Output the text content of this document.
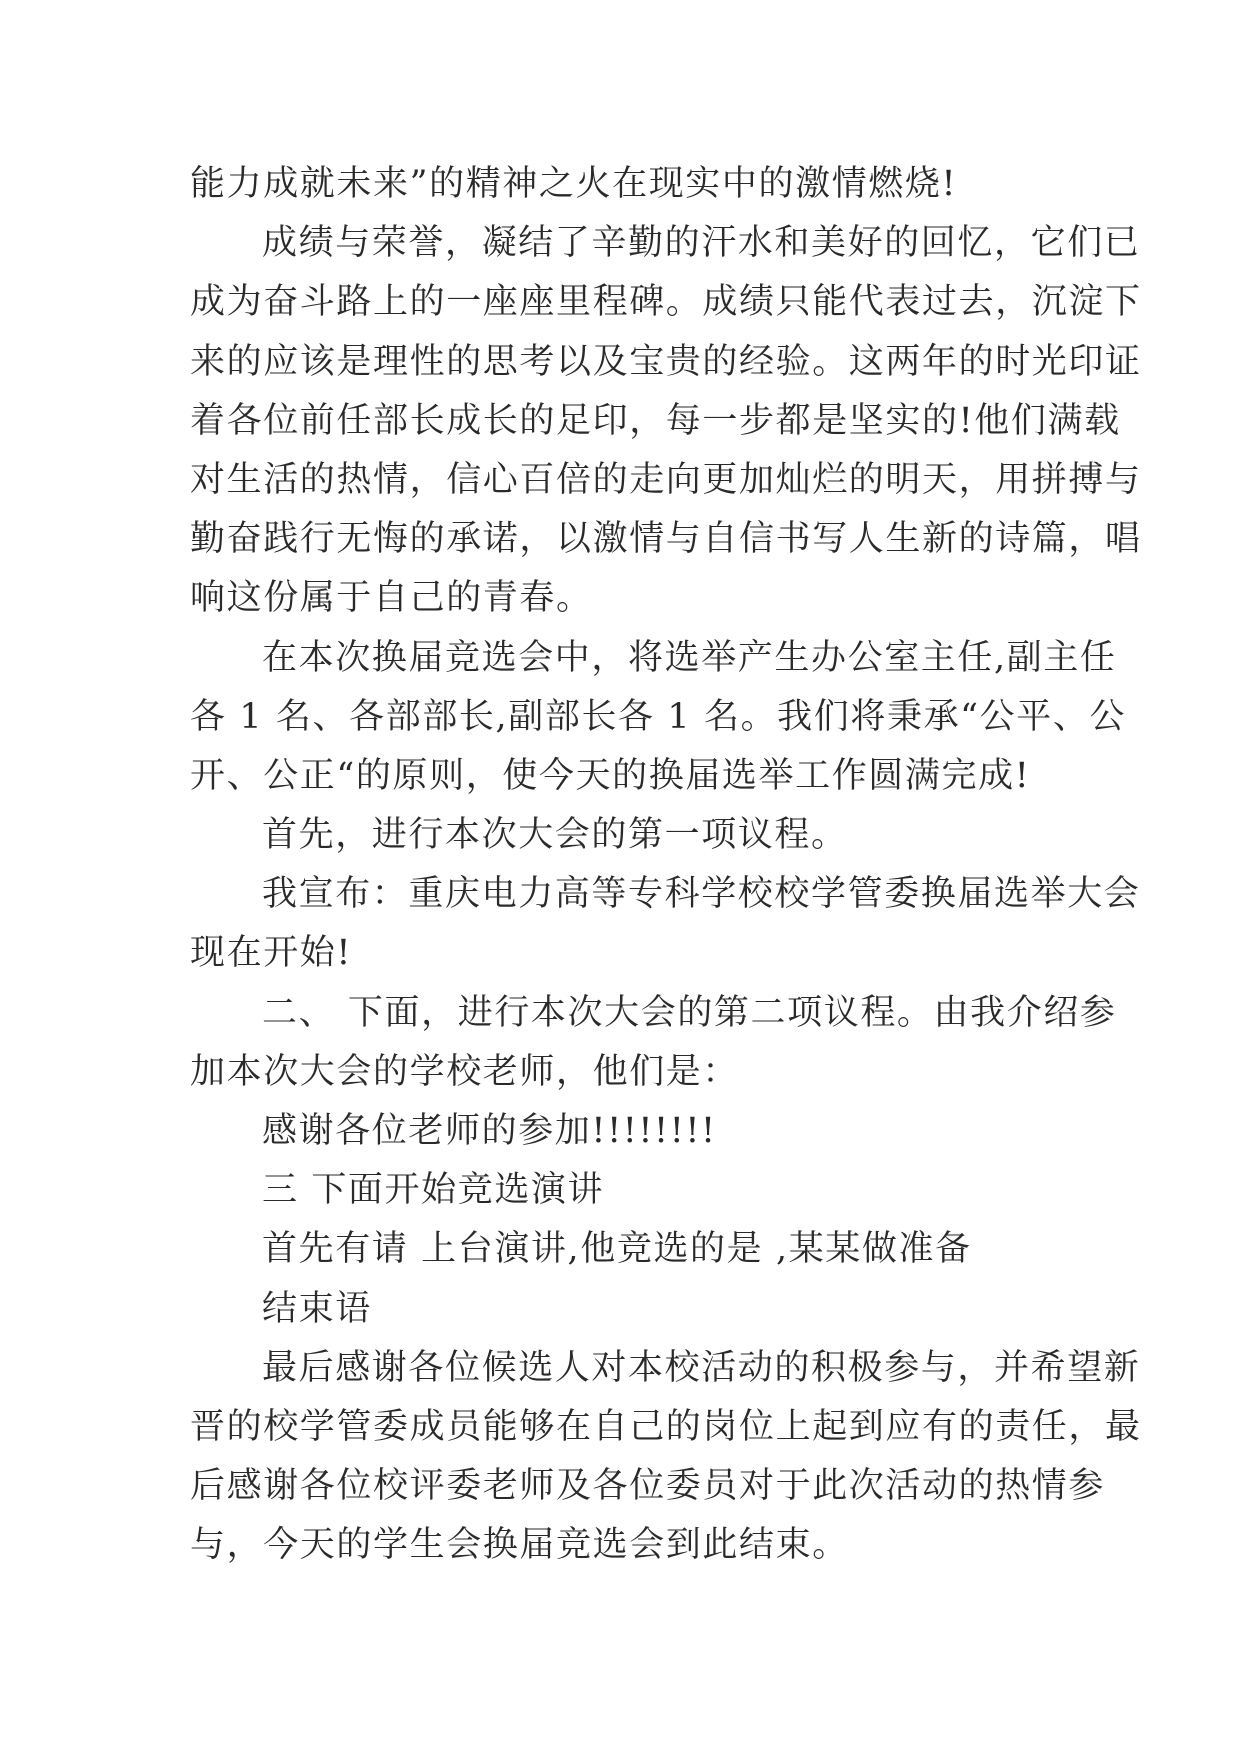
能力成就未来”的精神之火在现实中的激情燃烧!
成绩与荣誉，凝结了辛勤的汗水和美好的回忆，它们已
成为奋斗路上的一座座里程碑。成绩只能代表过去，沉淀下
来的应该是理性的思考以及宝贵的经验。这两年的时光印证
着各位前任部长成长的足印，每一步都是坚实的!他们满载
对生活的热情，信心百倍的走向更加灿烂的明天，用拼搏与
勤奋践行无悔的承诺，以激情与自信书写人生新的诗篇，唱
响这份属于自己的青春。
在本次换届竞选会中，将选举产生办公室主任,副主任
各 1 名、各部部长,副部长各 1 名。我们将秉承“公平、公
开、公正“的原则，使今天的换届选举工作圆满完成!
首先，进行本次大会的第一项议程。
我宣布：重庆电力高等专科学校校学管委换届选举大会
现在开始!
二、 下面，进行本次大会的第二项议程。由我介绍参
加本次大会的学校老师，他们是：
感谢各位老师的参加!!!!!!!!
三 下面开始竞选演讲
首先有请 上台演讲,他竞选的是 ,某某做准备
结束语
最后感谢各位候选人对本校活动的积极参与，并希望新
晋的校学管委成员能够在自己的岗位上起到应有的责任，最
后感谢各位校评委老师及各位委员对于此次活动的热情参
与，今天的学生会换届竞选会到此结束。
